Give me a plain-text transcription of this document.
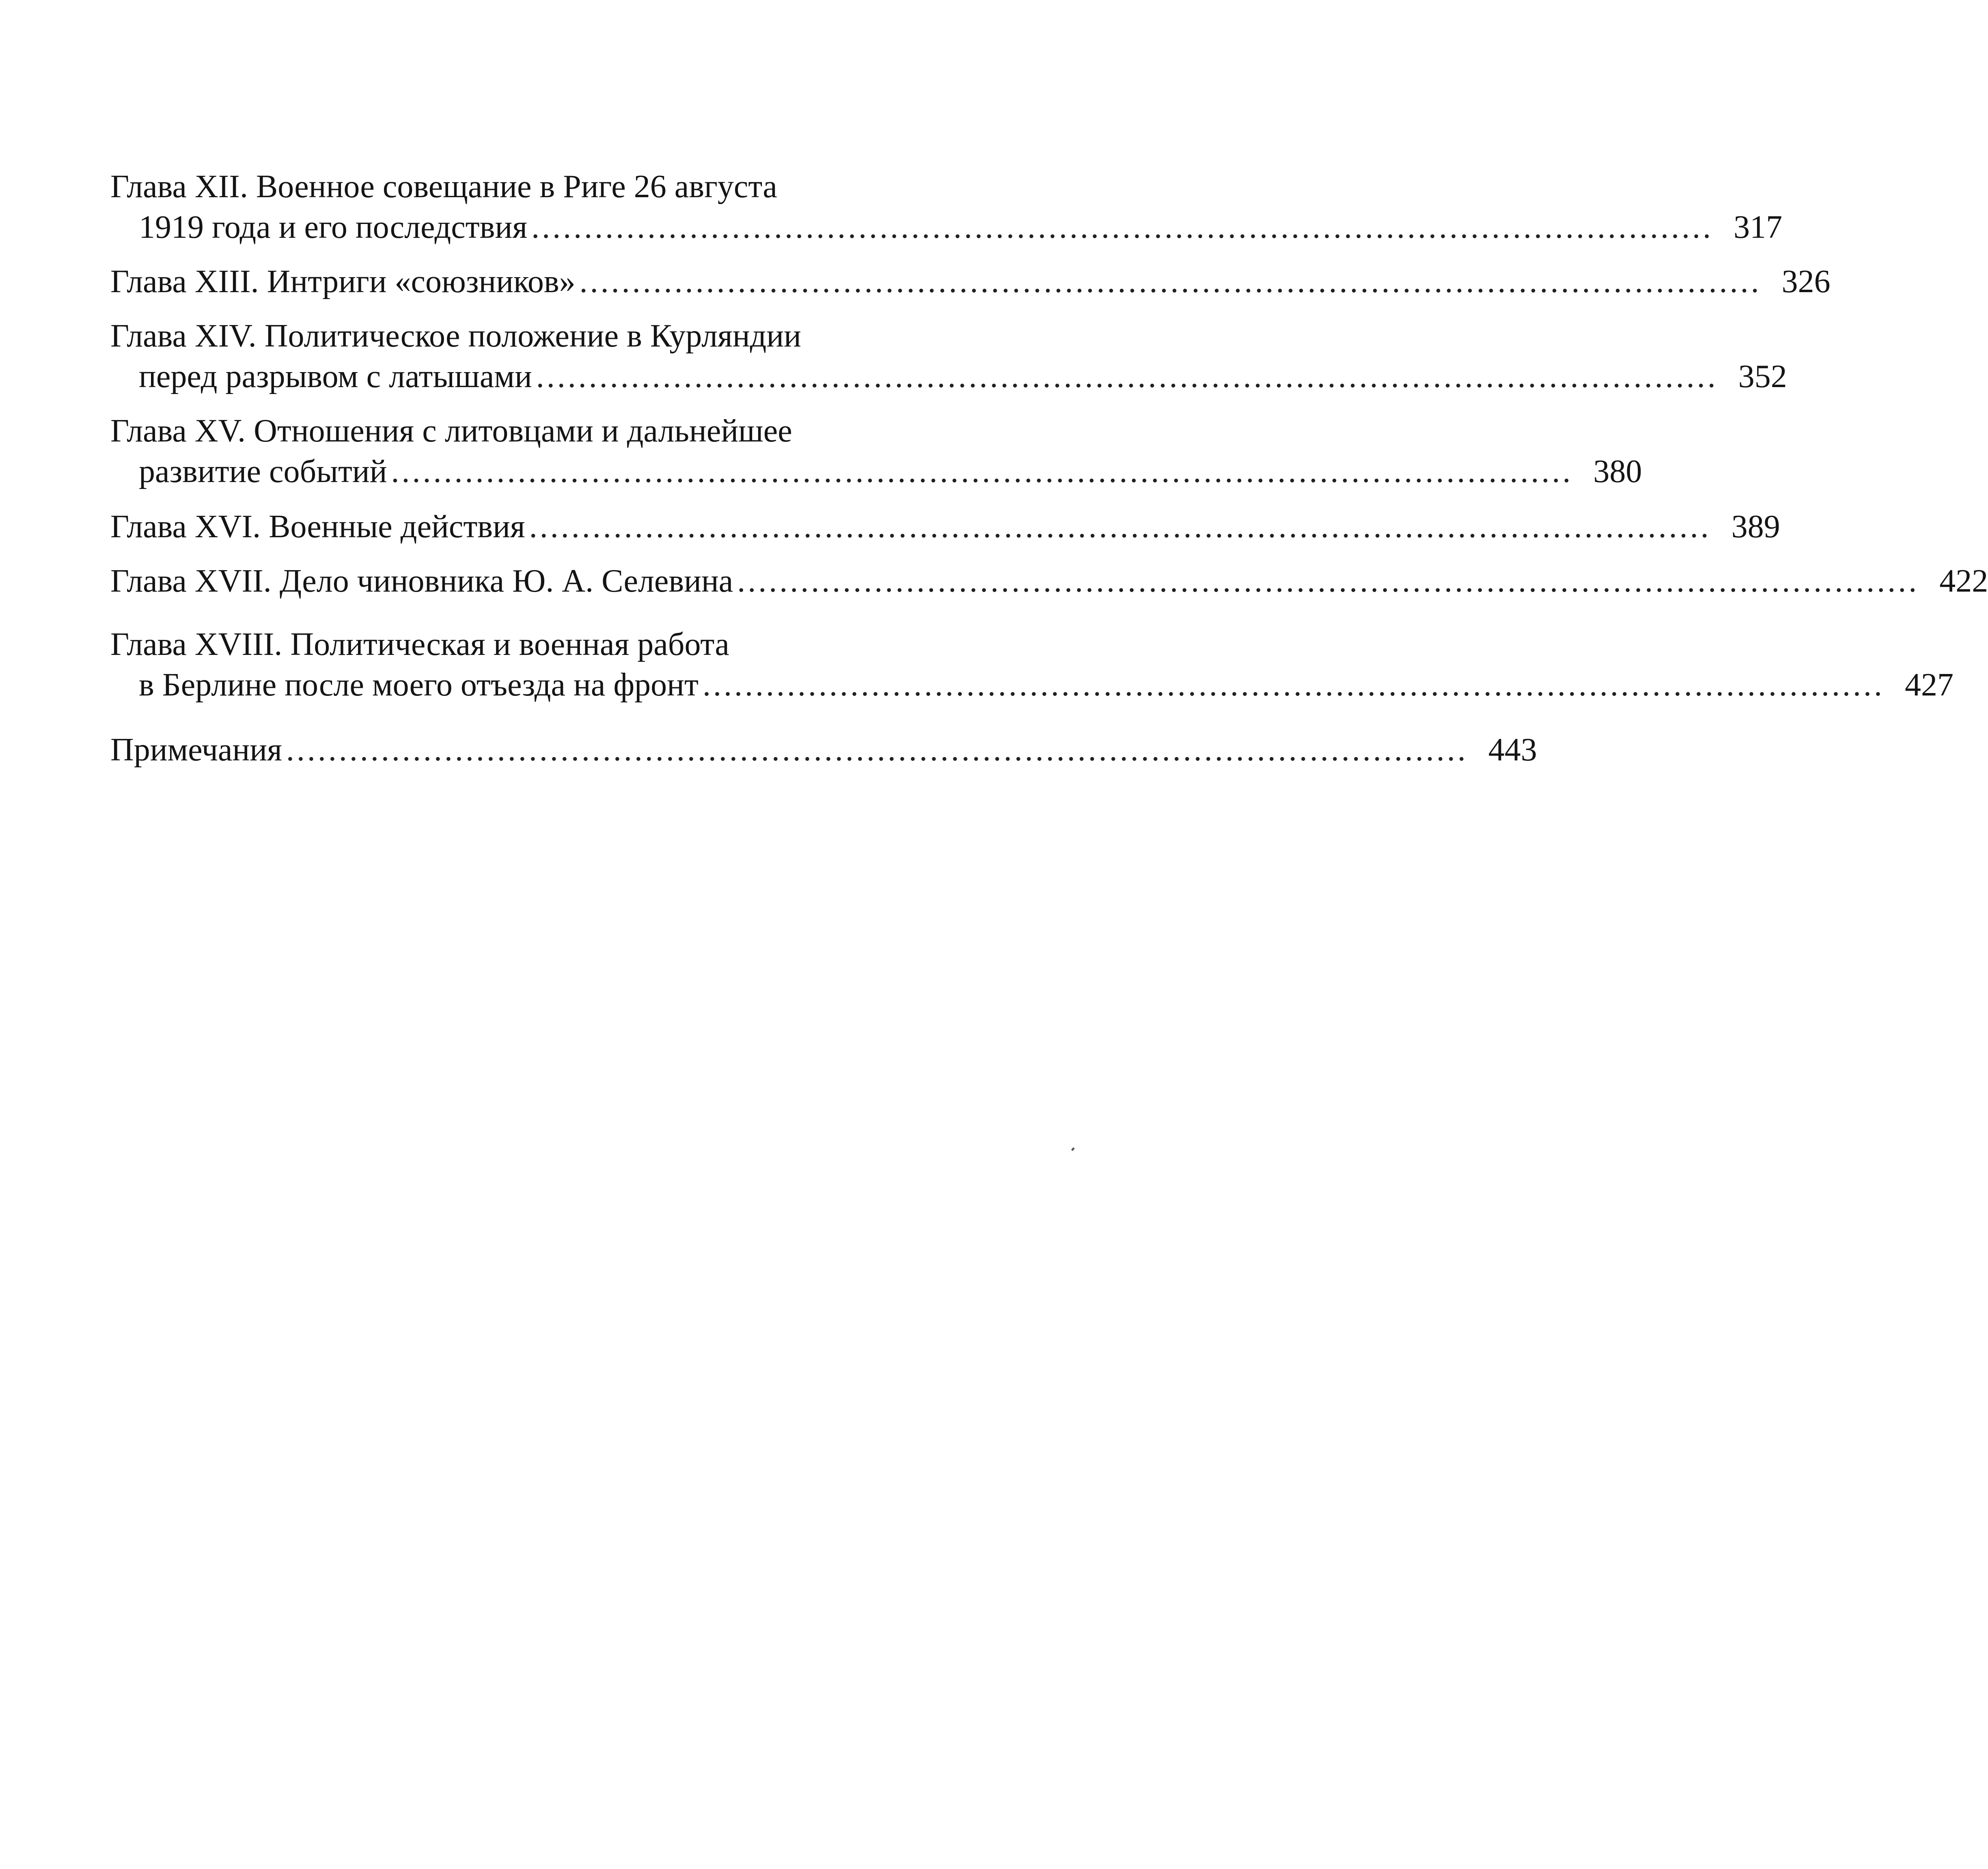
Глава XII. Военное совещание в Риге 26 августа
1919 года и его последствия ................................................................................................................ 317
Глава XIII. Интриги «союзников» ................................................................................................................ 326
Глава XIV. Политическое положение в Курляндии
перед разрывом с латышами ................................................................................................................ 352
Глава XV. Отношения с литовцами и дальнейшее
развитие событий ................................................................................................................ 380
Глава XVI. Военные действия ................................................................................................................ 389
Глава XVII. Дело чиновника Ю. А. Селевина ................................................................................................................ 422
Глава XVIII. Политическая и военная работа
в Берлине после моего отъезда на фронт ................................................................................................................ 427
Примечания ................................................................................................................ 443
